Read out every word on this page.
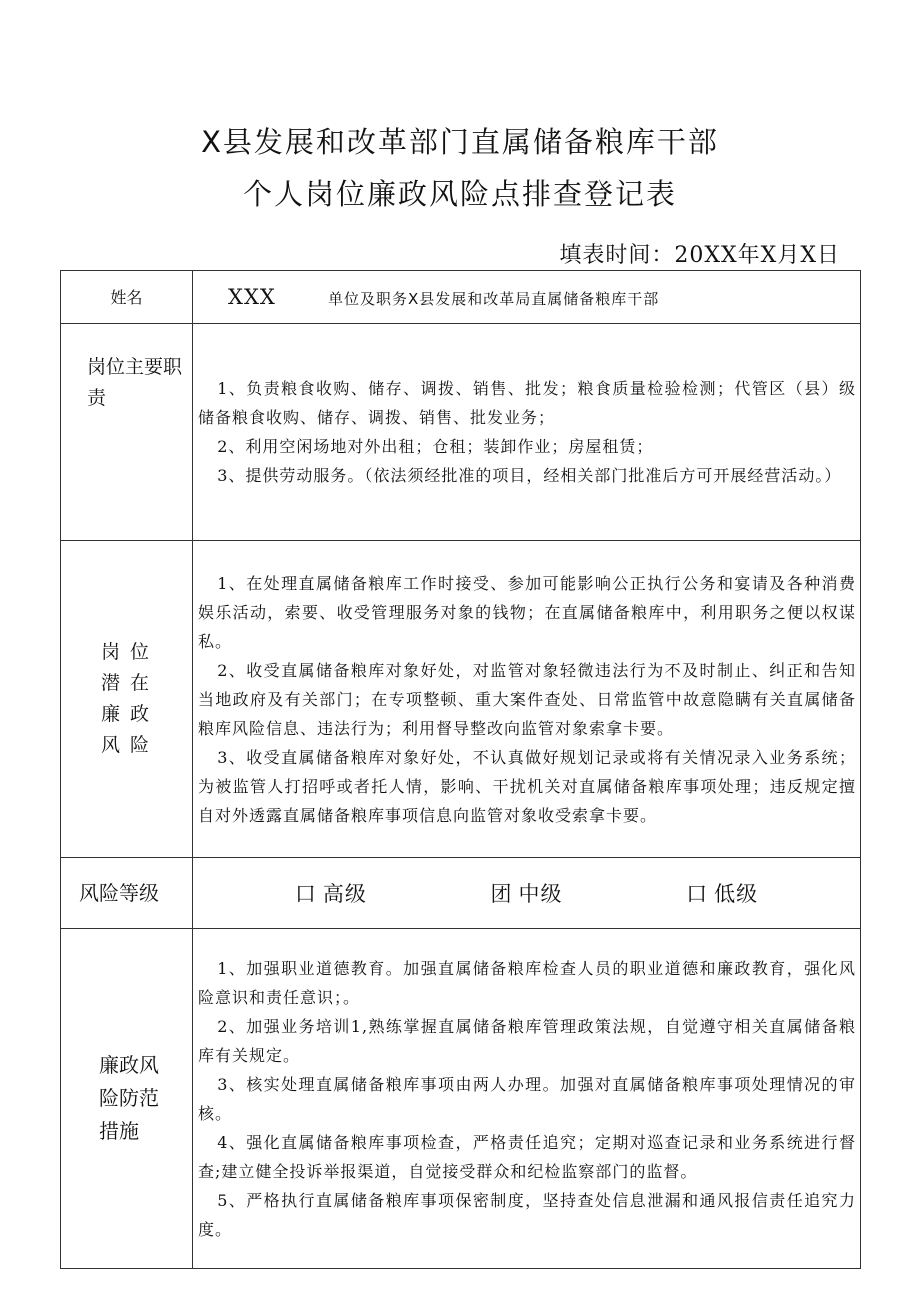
X县发展和改革部门直属储备粮库干部
个人岗位廉政风险点排查登记表
填表时间：20XX年X月X日
姓名	XXX 单位及职务X县发展和改革局直属储备粮库干部
岗位主要职责	1、负责粮食收购、储存、调拨、销售、批发；粮食质量检验检测；代管区（县）级储备粮食收购、储存、调拨、销售、批发业务；

2、利用空闲场地对外出租；仓租；装卸作业；房屋租赁；

3、提供劳动服务。（依法须经批准的项目，经相关部门批准后方可开展经营活动。）

岗位潜在廉政风险	1、在处理直属储备粮库工作时接受、参加可能影响公正执行公务和宴请及各种消费娱乐活动，索要、收受管理服务对象的钱物；在直属储备粮库中，利用职务之便以权谋私。

2、收受直属储备粮库对象好处，对监管对象轻微违法行为不及时制止、纠正和告知当地政府及有关部门；在专项整顿、重大案件查处、日常监管中故意隐瞒有关直属储备粮库风险信息、违法行为；利用督导整改向监管对象索拿卡要。

3、收受直属储备粮库对象好处，不认真做好规划记录或将有关情况录入业务系统；为被监管人打招呼或者托人情，影响、干扰机关对直属储备粮库事项处理；违反规定擅自对外透露直属储备粮库事项信息向监管对象收受索拿卡要。

风险等级	口 高级 团 中级 口 低级

廉政风险防范措施	1、加强职业道德教育。加强直属储备粮库检查人员的职业道德和廉政教育，强化风险意识和责任意识；。

2、加强业务培训1,熟练掌握直属储备粮库管理政策法规，自觉遵守相关直属储备粮库有关规定。

3、核实处理直属储备粮库事项由两人办理。加强对直属储备粮库事项处理情况的审核。

4、强化直属储备粮库事项检查，严格责任追究；定期对巡查记录和业务系统进行督查;建立健全投诉举报渠道，自觉接受群众和纪检监察部门的监督。

5、严格执行直属储备粮库事项保密制度，坚持查处信息泄漏和通风报信责任追究力度。
